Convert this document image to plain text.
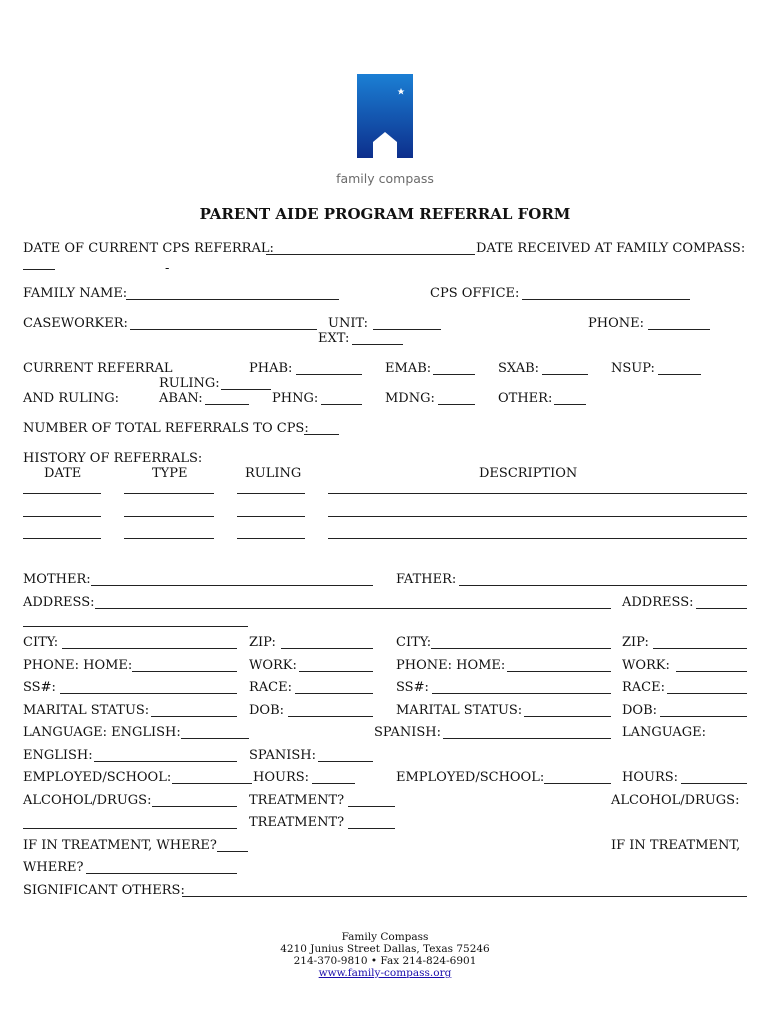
family compass
PARENT AIDE PROGRAM REFERRAL FORM
DATE OF CURRENT CPS REFERRAL:	DATE RECEIVED AT FAMILY COMPASS:
-
FAMILY NAME:	CPS OFFICE:
CASEWORKER:	UNIT:	PHONE:
EXT:
CURRENT REFERRAL	PHAB:	EMAB:	SXAB:	NSUP:
RULING:
AND RULING:	ABAN:	PHNG:	MDNG:	OTHER:
NUMBER OF TOTAL REFERRALS TO CPS:
HISTORY OF REFERRALS:
DATE	TYPE	RULING	DESCRIPTION
MOTHER:	FATHER:
ADDRESS:	ADDRESS:
CITY:	ZIP:	CITY:	ZIP:
PHONE: HOME:	WORK:	PHONE: HOME:	WORK:
SS#:	RACE:	SS#:	RACE:
MARITAL STATUS:	DOB:	MARITAL STATUS:	DOB:
LANGUAGE: ENGLISH:	SPANISH:	LANGUAGE:
ENGLISH:	SPANISH:
EMPLOYED/SCHOOL:	HOURS:	EMPLOYED/SCHOOL:	HOURS:
ALCOHOL/DRUGS:	TREATMENT?	ALCOHOL/DRUGS:
TREATMENT?
IF IN TREATMENT, WHERE?	IF IN TREATMENT,
WHERE?
SIGNIFICANT OTHERS:
Family Compass
4210 Junius Street Dallas, Texas 75246
214-370-9810 • Fax 214-824-6901
www.family-compass.org
